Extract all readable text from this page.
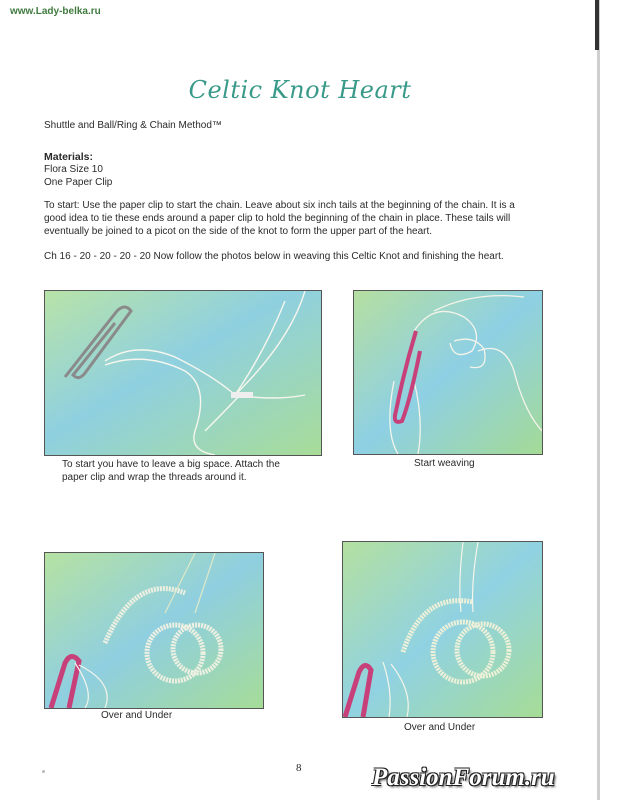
www.Lady-belka.ru
Celtic Knot Heart
Shuttle and Ball/Ring & Chain Method™
Materials:
Flora Size 10
One Paper Clip
To start: Use the paper clip to start the chain. Leave about six inch tails at the beginning of the chain. It is a
good idea to tie these ends around a paper clip to hold the beginning of the chain in place. These tails will
eventually be joined to a picot on the side of the knot to form the upper part of the heart.
Ch 16 - 20 - 20 - 20 - 20 Now follow the photos below in weaving this Celtic Knot and finishing the heart.
To start you have to leave a big space. Attach the
paper clip and wrap the threads around it.
Start weaving
Over and Under
Over and Under
8	PassionForum.ru
